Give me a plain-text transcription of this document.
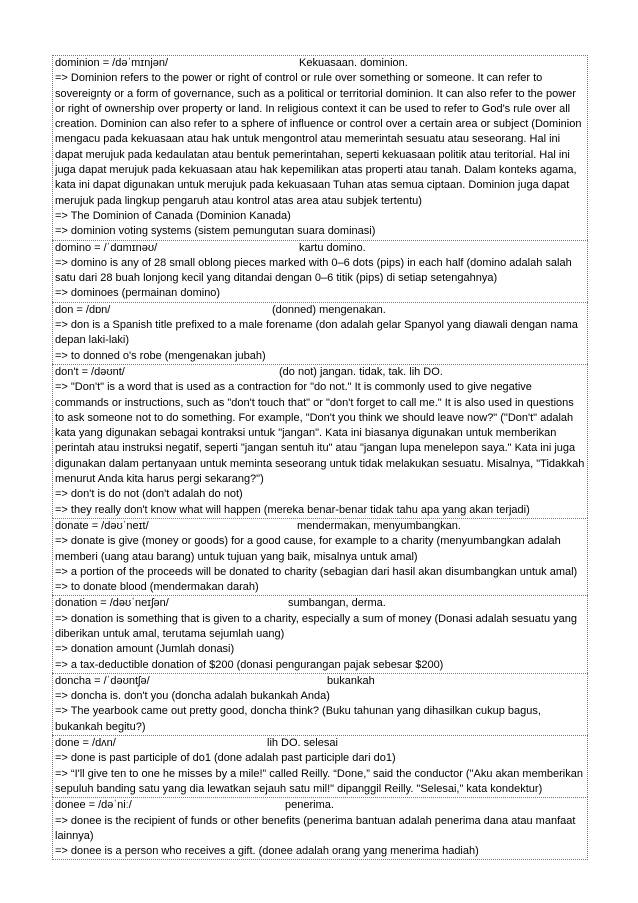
dominion = /dəˈmɪnjən/	Kekuasaan. dominion.
=> Dominion refers to the power or right of control or rule over something or someone. It can refer to sovereignty or a form of governance, such as a political or territorial dominion. It can also refer to the power or right of ownership over property or land. In religious context it can be used to refer to God's rule over all creation. Dominion can also refer to a sphere of influence or control over a certain area or subject (Dominion mengacu pada kekuasaan atau hak untuk mengontrol atau memerintah sesuatu atau seseorang. Hal ini dapat merujuk pada kedaulatan atau bentuk pemerintahan, seperti kekuasaan politik atau teritorial. Hal ini juga dapat merujuk pada kekuasaan atau hak kepemilikan atas properti atau tanah. Dalam konteks agama, kata ini dapat digunakan untuk merujuk pada kekuasaan Tuhan atas semua ciptaan. Dominion juga dapat merujuk pada lingkup pengaruh atau kontrol atas area atau subjek tertentu)
=> The Dominion of Canada (Dominion Kanada)
=> dominion voting systems (sistem pemungutan suara dominasi)
domino = /ˈdɑmɪnəʊ/	kartu domino.
=> domino is any of 28 small oblong pieces marked with 0–6 dots (pips) in each half (domino adalah salah satu dari 28 buah lonjong kecil yang ditandai dengan 0–6 titik (pips) di setiap setengahnya)
=> dominoes (permainan domino)
don = /dɒn/	(donned) mengenakan.
=> don is a Spanish title prefixed to a male forename (don adalah gelar Spanyol yang diawali dengan nama depan laki-laki)
=> to donned o's robe (mengenakan jubah)
don't = /dəʊnt/	(do not) jangan. tidak, tak. lih DO.
=> "Don't" is a word that is used as a contraction for "do not." It is commonly used to give negative commands or instructions, such as "don't touch that" or "don't forget to call me." It is also used in questions to ask someone not to do something. For example, "Don't you think we should leave now?" ("Don't" adalah kata yang digunakan sebagai kontraksi untuk "jangan". Kata ini biasanya digunakan untuk memberikan perintah atau instruksi negatif, seperti "jangan sentuh itu" atau "jangan lupa menelepon saya." Kata ini juga digunakan dalam pertanyaan untuk meminta seseorang untuk tidak melakukan sesuatu. Misalnya, "Tidakkah menurut Anda kita harus pergi sekarang?")
=> don't is do not (don't adalah do not)
=> they really don't know what will happen (mereka benar-benar tidak tahu apa yang akan terjadi)
donate = /dəʊˈneɪt/	mendermakan, menyumbangkan.
=> donate is give (money or goods) for a good cause, for example to a charity (menyumbangkan adalah memberi (uang atau barang) untuk tujuan yang baik, misalnya untuk amal)
=> a portion of the proceeds will be donated to charity (sebagian dari hasil akan disumbangkan untuk amal)
=> to donate blood (mendermakan darah)
donation = /dəʊˈneɪʃən/	sumbangan, derma.
=> donation is something that is given to a charity, especially a sum of money (Donasi adalah sesuatu yang diberikan untuk amal, terutama sejumlah uang)
=> donation amount (Jumlah donasi)
=> a tax-deductible donation of $200 (donasi pengurangan pajak sebesar $200)
doncha = /ˈdəʊntʃə/	bukankah
=> doncha is. don't you (doncha adalah bukankah Anda)
=> The yearbook came out pretty good, doncha think? (Buku tahunan yang dihasilkan cukup bagus, bukankah begitu?)
done = /dʌn/	lih DO. selesai
=> done is past participle of do1 (done adalah past participle dari do1)
=> “I'll give ten to one he misses by a mile!” called Reilly. “Done,” said the conductor ("Aku akan memberikan sepuluh banding satu yang dia lewatkan sejauh satu mil!" dipanggil Reilly. "Selesai," kata kondektur)
donee = /dəˈniː/	penerima.
=> donee is the recipient of funds or other benefits (penerima bantuan adalah penerima dana atau manfaat lainnya)
=> donee is a person who receives a gift. (donee adalah orang yang menerima hadiah)
